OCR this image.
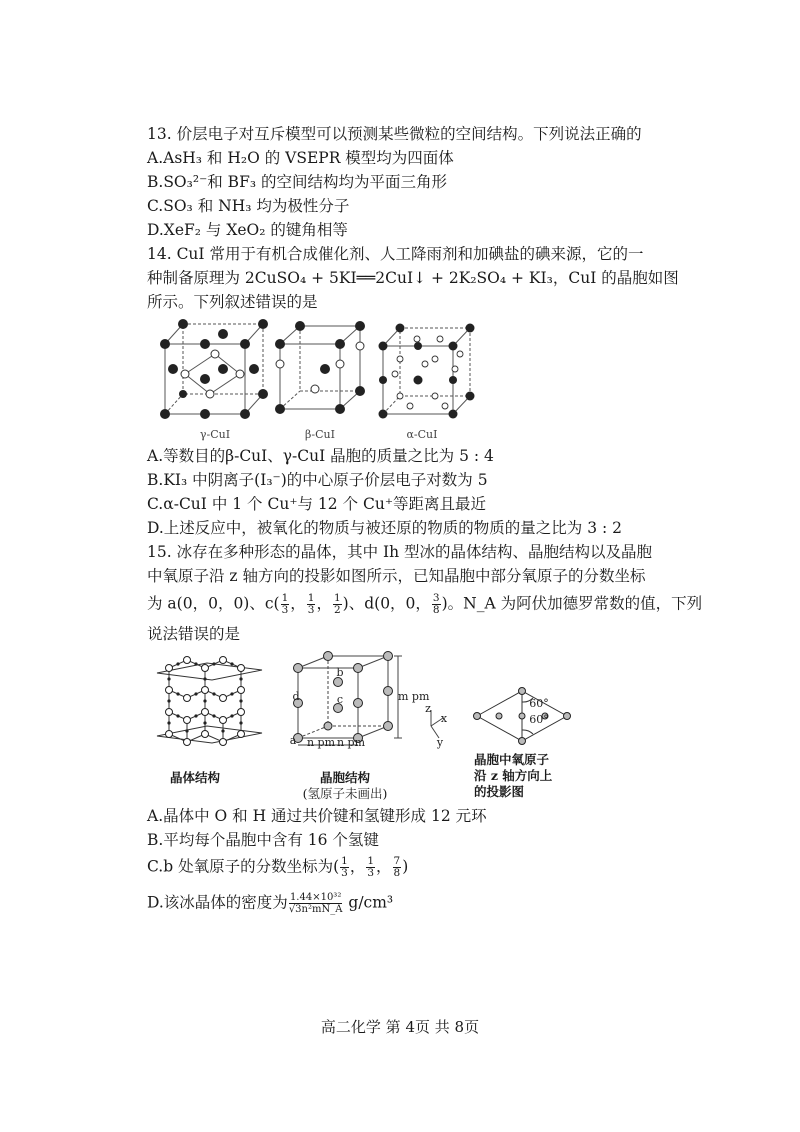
13. 价层电子对互斥模型可以预测某些微粒的空间结构。下列说法正确的
A.AsH₃ 和 H₂O 的 VSEPR 模型均为四面体
B.SO₃²⁻和 BF₃ 的空间结构均为平面三角形
C.SO₃ 和 NH₃ 均为极性分子
D.XeF₂ 与 XeO₂ 的键角相等
14. CuI 常用于有机合成催化剂、人工降雨剂和加碘盐的碘来源，它的一
种制备原理为 2CuSO₄ + 5KI══2CuI↓ + 2K₂SO₄ + KI₃，CuI 的晶胞如图
所示。下列叙述错误的是
γ-CuI	β-CuI	α-CuI
A.等数目的β-CuI、γ-CuI 晶胞的质量之比为 5 : 4
B.KI₃ 中阴离子(I₃⁻)的中心原子价层电子对数为 5
C.α-CuI 中 1 个 Cu⁺与 12 个 Cu⁺等距离且最近
D.上述反应中，被氧化的物质与被还原的物质的物质的量之比为 3 : 2
15. 冰存在多种形态的晶体，其中 Ih 型冰的晶体结构、晶胞结构以及晶胞
中氧原子沿 z 轴方向的投影如图所示，已知晶胞中部分氧原子的分数坐标
为 a(0，0，0)、$c( \frac{1}{3}$ ， $\frac{1}{3}$ ， $\frac{1}{2}$ )、d(0，0， $\frac{3}{8}$ )。N_A 为阿伏加德罗常数的值，下列
说法错误的是
晶体结构
b
c
d
a
m pm
n pm n pm
z
x
y
晶胞结构
(氢原子未画出)
60°
60°
晶胞中氧原子
沿 z 轴方向上
的投影图
A.晶体中 O 和 H 通过共价键和氢键形成 12 元环
B.平均每个晶胞中含有 16 个氢键
C.b 处氧原子的分数坐标为( $\frac{1}{3}$ ， $\frac{1}{3}$ ， $\frac{7}{8}$ )
D.该冰晶体的密度为 $\frac{\text{1.44×10³²}}{\text{√3n²mN\_A}} g/cm^3$
高二化学 第 4页 共 8页
